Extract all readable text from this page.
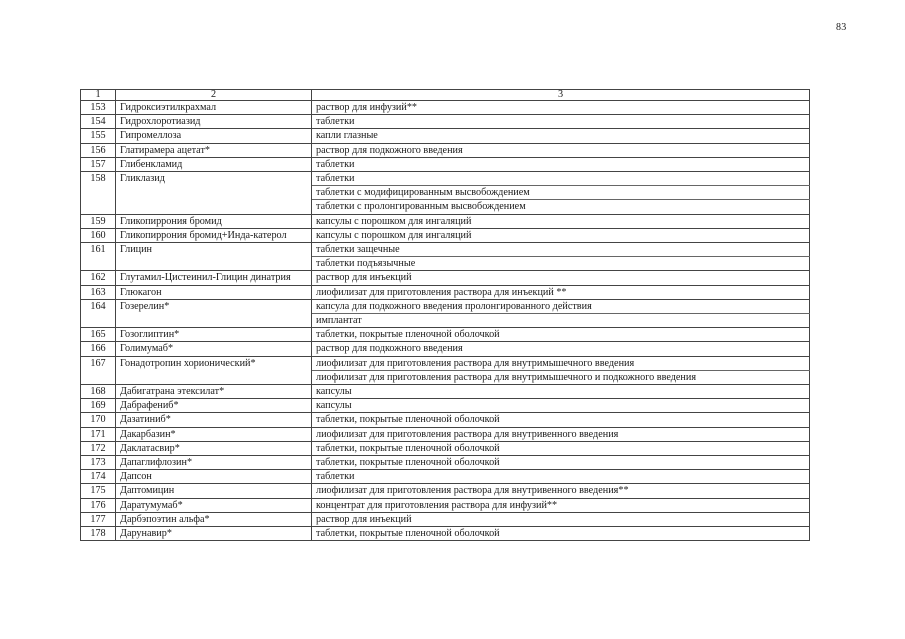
83
1	2	3
153	Гидроксиэтилкрахмал	раствор для инфузий**
154	Гидрохлоротиазид	таблетки
155	Гипромеллоза	капли глазные
156	Глатирамера ацетат*	раствор для подкожного введения
157	Глибенкламид	таблетки
158	Гликлазид	таблетки
		таблетки с модифицированным высвобождением
		таблетки с пролонгированным высвобождением
159	Гликопиррония бромид	капсулы с порошком для ингаляций
160	Гликопиррония бромид+Инда-катерол	капсулы с порошком для ингаляций
161	Глицин	таблетки защечные
		таблетки подъязычные
162	Глутамил-Цистеинил-Глицин динатрия	раствор для инъекций
163	Глюкагон	лиофилизат для приготовления раствора для инъекций **
164	Гозерелин*	капсула для подкожного введения пролонгированного действия
		имплантат
165	Гозоглиптин*	таблетки, покрытые пленочной оболочкой
166	Голимумаб*	раствор для подкожного введения
167	Гонадотропин хорионический*	лиофилизат для приготовления раствора для внутримышечного введения
		лиофилизат для приготовления раствора для внутримышечного и подкожного введения
168	Дабигатрана этексилат*	капсулы
169	Дабрафениб*	капсулы
170	Дазатиниб*	таблетки, покрытые пленочной оболочкой
171	Дакарбазин*	лиофилизат для приготовления раствора для внутривенного введения
172	Даклатасвир*	таблетки, покрытые пленочной оболочкой
173	Дапаглифлозин*	таблетки, покрытые пленочной оболочкой
174	Дапсон	таблетки
175	Даптомицин	лиофилизат для приготовления раствора для внутривенного введения**
176	Даратумумаб*	концентрат для приготовления раствора для инфузий**
177	Дарбэпоэтин альфа*	раствор для инъекций
178	Дарунавир*	таблетки, покрытые пленочной оболочкой
